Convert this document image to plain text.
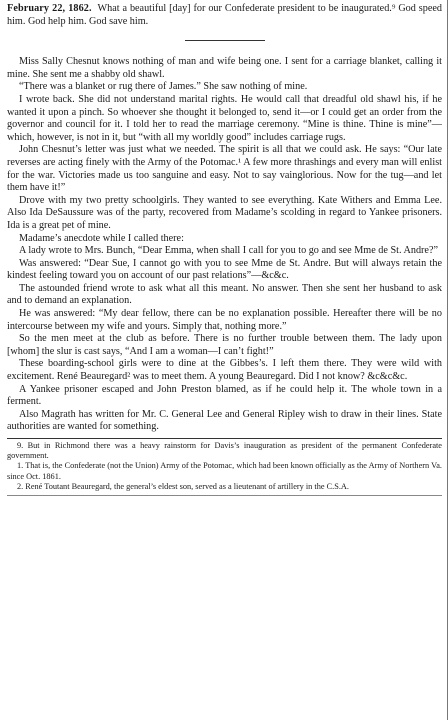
February 22, 1862. What a beautiful [day] for our Confederate president to be inaugurated.⁹ God speed him. God help him. God save him.

Miss Sally Chesnut knows nothing of man and wife being one. I sent for a carriage blanket, calling it mine. She sent me a shabby old shawl.

“There was a blanket or rug there of James.” She saw nothing of mine.

I wrote back. She did not understand marital rights. He would call that dreadful old shawl his, if he wanted it upon a pinch. So whoever she thought it belonged to, send it—or I could get an order from the governor and council for it. I told her to read the marriage ceremony. “Mine is thine. Thine is mine”—which, however, is not in it, but “with all my worldly good” includes carriage rugs.

John Chesnut’s letter was just what we needed. The spirit is all that we could ask. He says: “Our late reverses are acting finely with the Army of the Potomac.¹ A few more thrashings and every man will enlist for the war. Victories made us too sanguine and easy. Not to say vainglorious. Now for the tug—and let them have it!”

Drove with my two pretty schoolgirls. They wanted to see everything. Kate Withers and Emma Lee. Also Ida DeSaussure was of the party, recovered from Madame’s scolding in regard to Yankee prisoners. Ida is a great pet of mine.

Madame’s anecdote while I called there:

A lady wrote to Mrs. Bunch, “Dear Emma, when shall I call for you to go and see Mme de St. Andre?”

Was answered: “Dear Sue, I cannot go with you to see Mme de St. Andre. But will always retain the kindest feeling toward you on account of our past relations”—&c&c.

The astounded friend wrote to ask what all this meant. No answer. Then she sent her husband to ask and to demand an explanation.

He was answered: “My dear fellow, there can be no explanation possible. Hereafter there will be no intercourse between my wife and yours. Simply that, nothing more.”

So the men meet at the club as before. There is no further trouble between them. The lady upon [whom] the slur is cast says, “And I am a woman—I can’t fight!”

These boarding-school girls were to dine at the Gibbes’s. I left them there. They were wild with excitement. René Beauregard² was to meet them. A young Beauregard. Did I not know? &c&c&c.

A Yankee prisoner escaped and John Preston blamed, as if he could help it. The whole town in a ferment.

Also Magrath has written for Mr. C. General Lee and General Ripley wish to draw in their lines. State authorities are wanted for something.

9. But in Richmond there was a heavy rainstorm for Davis’s inauguration as president of the permanent Confederate government.

1. That is, the Confederate (not the Union) Army of the Potomac, which had been known officially as the Army of Northern Va. since Oct. 1861.

2. René Toutant Beauregard, the general’s eldest son, served as a lieutenant of artillery in the C.S.A.
